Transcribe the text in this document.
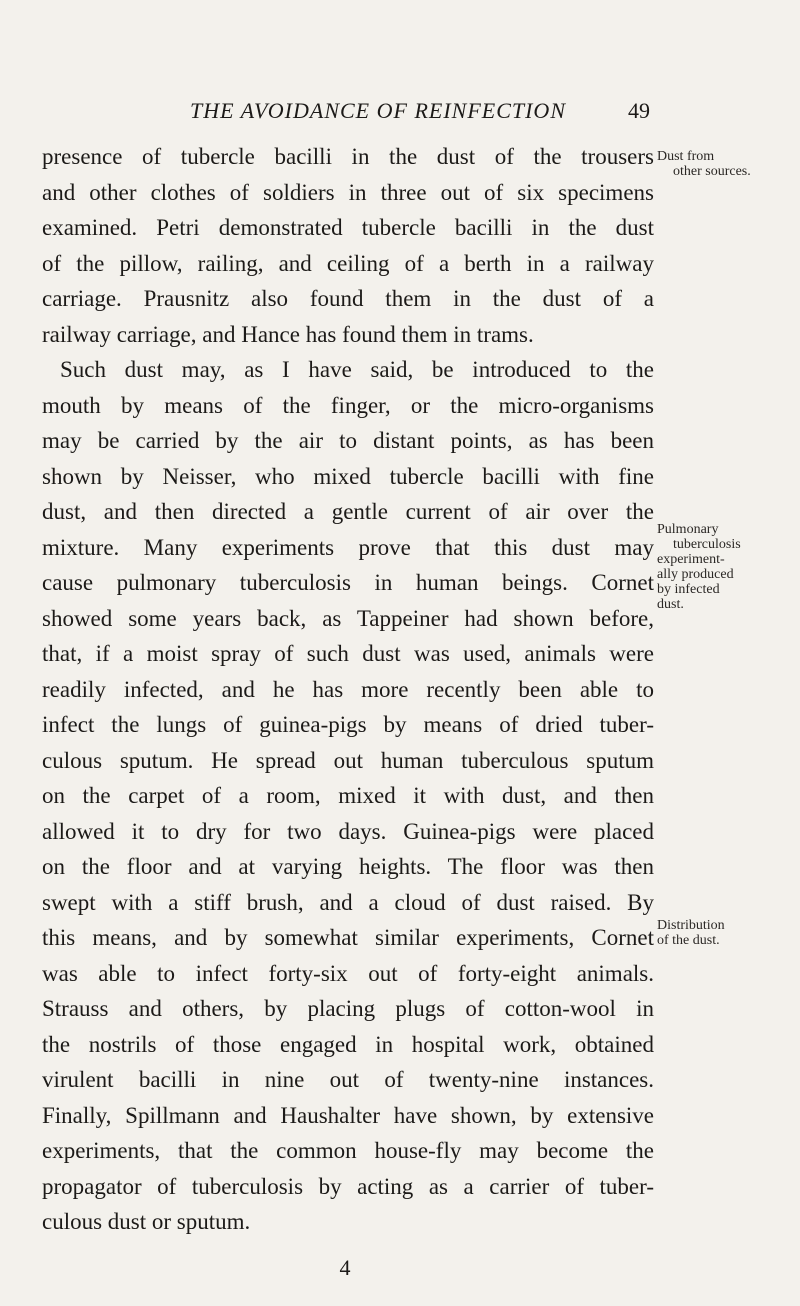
THE AVOIDANCE OF REINFECTION	49
presence of tubercle bacilli in the dust of the trousers
and other clothes of soldiers in three out of six specimens
examined. Petri demonstrated tubercle bacilli in the dust
of the pillow, railing, and ceiling of a berth in a railway
carriage. Prausnitz also found them in the dust of a
railway carriage, and Hance has found them in trams.
Such dust may, as I have said, be introduced to the
mouth by means of the finger, or the micro-organisms
may be carried by the air to distant points, as has been
shown by Neisser, who mixed tubercle bacilli with fine
dust, and then directed a gentle current of air over the
mixture. Many experiments prove that this dust may
cause pulmonary tuberculosis in human beings. Cornet
showed some years back, as Tappeiner had shown before,
that, if a moist spray of such dust was used, animals were
readily infected, and he has more recently been able to
infect the lungs of guinea-pigs by means of dried tuber-
culous sputum. He spread out human tuberculous sputum
on the carpet of a room, mixed it with dust, and then
allowed it to dry for two days. Guinea-pigs were placed
on the floor and at varying heights. The floor was then
swept with a stiff brush, and a cloud of dust raised. By
this means, and by somewhat similar experiments, Cornet
was able to infect forty-six out of forty-eight animals.
Strauss and others, by placing plugs of cotton-wool in
the nostrils of those engaged in hospital work, obtained
virulent bacilli in nine out of twenty-nine instances.
Finally, Spillmann and Haushalter have shown, by extensive
experiments, that the common house-fly may become the
propagator of tuberculosis by acting as a carrier of tuber-
culous dust or sputum.
Dust from
other sources.
Pulmonary
tuberculosis
experiment-
ally produced
by infected
dust.
Distribution
of the dust.
4
